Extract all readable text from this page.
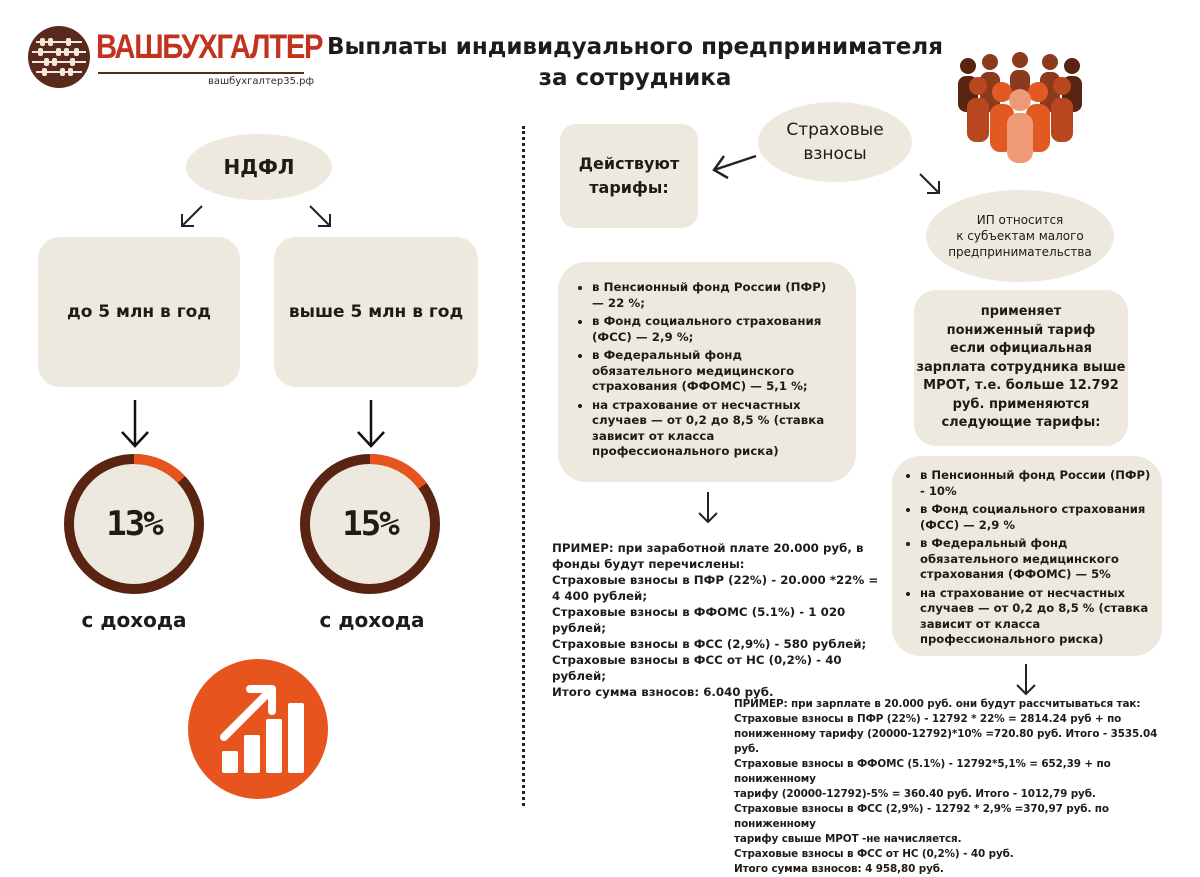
ВАШБУХГАЛТЕР
вашбухгалтер35.рф
Выплаты индивидуального предпринимателя
за сотрудника
НДФЛ
до 5 млн в год	выше 5 млн в год
13%	15%
с дохода	с дохода
Страховые
взносы
Действуют
тарифы:
ИП относится
к субъектам малого
предпринимательства
• в Пенсионный фонд России (ПФР) — 22 %;
• в Фонд социального страхования (ФСС) — 2,9 %;
• в Федеральный фонд обязательного медицинского страхования (ФФОМС) — 5,1 %;
• на страхование от несчастных случаев — от 0,2 до 8,5 % (ставка зависит от класса профессионального риска)
ПРИМЕР: при заработной плате 20.000 руб, в фонды будут перечислены:
Страховые взносы в ПФР (22%) - 20.000 *22% =
4 400 рублей;
Страховые взносы в ФФОМС (5.1%) - 1 020 рублей;
Страховые взносы в ФСС (2,9%) - 580 рублей;
Страховые взносы в ФСС от НС (0,2%) - 40 рублей;
Итого сумма взносов: 6.040 руб.
применяет
пониженный тариф
если официальная
зарплата сотрудника выше
МРОТ, т.е. больше 12.792
руб. применяются
следующие тарифы:
• в Пенсионный фонд России (ПФР) - 10%
• в Фонд социального страхования (ФСС) — 2,9 %
• в Федеральный фонд обязательного медицинского страхования (ФФОМС) — 5%
• на страхование от несчастных случаев — от 0,2 до 8,5 % (ставка зависит от класса профессионального риска)
ПРИМЕР: при зарплате в 20.000 руб. они будут рассчитываться так:
Страховые взносы в ПФР (22%) - 12792 * 22% = 2814.24 руб + по
пониженному тарифу (20000-12792)*10% =720.80 руб. Итого - 3535.04 руб.
Страховые взносы в ФФОМС (5.1%) - 12792*5,1% = 652,39 + по пониженному
тарифу (20000-12792)-5% = 360.40 руб. Итого - 1012,79 руб.
Страховые взносы в ФСС (2,9%) - 12792 * 2,9% =370,97 руб. по пониженному
тарифу свыше МРОТ -не начисляется.
Страховые взносы в ФСС от НС (0,2%) - 40 руб.
Итого сумма взносов: 4 958,80 руб.
